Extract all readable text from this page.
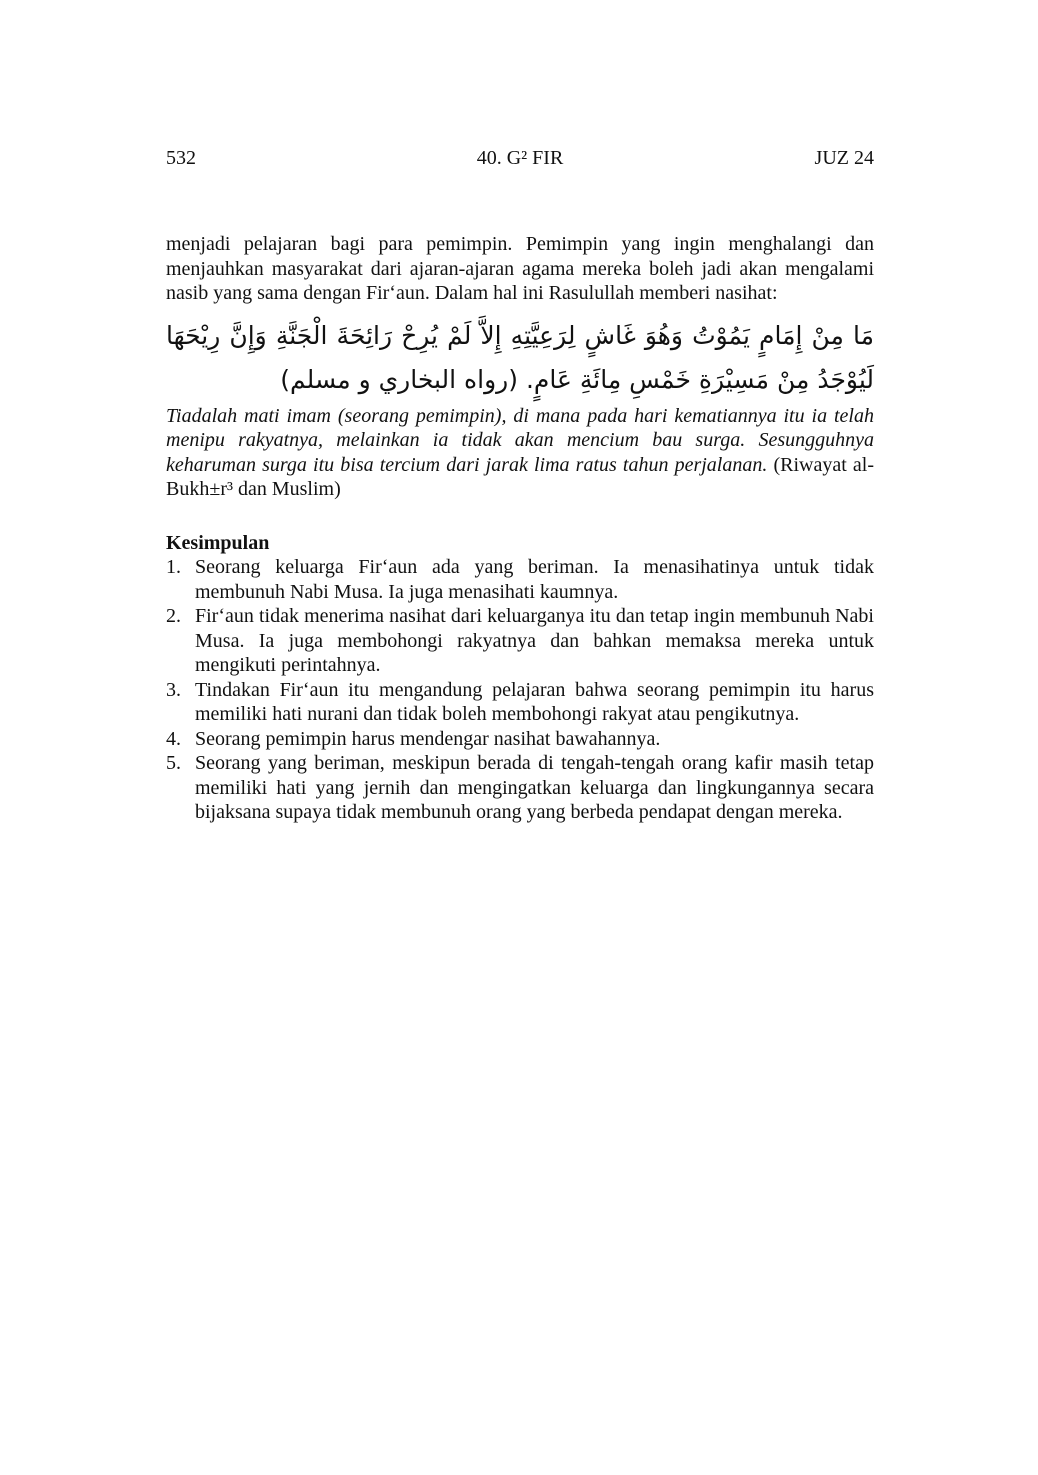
532	40. G² FIR	JUZ 24

menjadi pelajaran bagi para pemimpin. Pemimpin yang ingin menghalangi dan menjauhkan masyarakat dari ajaran-ajaran agama mereka boleh jadi akan mengalami nasib yang sama dengan Fir‘aun. Dalam hal ini Rasulullah memberi nasihat:

مَا مِنْ إِمَامٍ يَمُوْتُ وَهُوَ غَاشٍ لِرَعِيَّتِهِ إِلاَّ لَمْ يُرِحْ رَائِحَةَ الْجَنَّةِ وَإِنَّ رِيْحَهَا لَيُوْجَدُ مِنْ مَسِيْرَةِ خَمْسِ مِائَةِ عَامٍ. (رواه البخاري و مسلم)

Tiadalah mati imam (seorang pemimpin), di mana pada hari kematiannya itu ia telah menipu rakyatnya, melainkan ia tidak akan mencium bau surga. Sesungguhnya keharuman surga itu bisa tercium dari jarak lima ratus tahun perjalanan. (Riwayat al-Bukh±r³ dan Muslim)

Kesimpulan
1. Seorang keluarga Fir‘aun ada yang beriman. Ia menasihatinya untuk tidak membunuh Nabi Musa. Ia juga menasihati kaumnya.
2. Fir‘aun tidak menerima nasihat dari keluarganya itu dan tetap ingin membunuh Nabi Musa. Ia juga membohongi rakyatnya dan bahkan memaksa mereka untuk mengikuti perintahnya.
3. Tindakan Fir‘aun itu mengandung pelajaran bahwa seorang pemimpin itu harus memiliki hati nurani dan tidak boleh membohongi rakyat atau pengikutnya.
4. Seorang pemimpin harus mendengar nasihat bawahannya.
5. Seorang yang beriman, meskipun berada di tengah-tengah orang kafir masih tetap memiliki hati yang jernih dan mengingatkan keluarga dan lingkungannya secara bijaksana supaya tidak membunuh orang yang berbeda pendapat dengan mereka.
